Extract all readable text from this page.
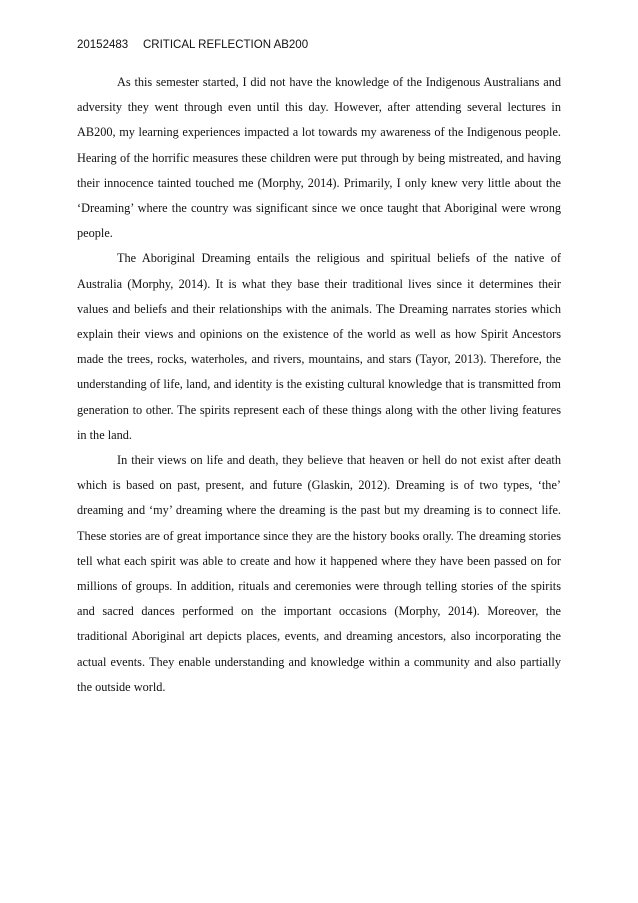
20152483 CRITICAL REFLECTION AB200

As this semester started, I did not have the knowledge of the Indigenous Australians and adversity they went through even until this day. However, after attending several lectures in AB200, my learning experiences impacted a lot towards my awareness of the Indigenous people. Hearing of the horrific measures these children were put through by being mistreated, and having their innocence tainted touched me (Morphy, 2014). Primarily, I only knew very little about the ‘Dreaming’ where the country was significant since we once taught that Aboriginal were wrong people.

The Aboriginal Dreaming entails the religious and spiritual beliefs of the native of Australia (Morphy, 2014). It is what they base their traditional lives since it determines their values and beliefs and their relationships with the animals. The Dreaming narrates stories which explain their views and opinions on the existence of the world as well as how Spirit Ancestors made the trees, rocks, waterholes, and rivers, mountains, and stars (Tayor, 2013). Therefore, the understanding of life, land, and identity is the existing cultural knowledge that is transmitted from generation to other. The spirits represent each of these things along with the other living features in the land.

In their views on life and death, they believe that heaven or hell do not exist after death which is based on past, present, and future (Glaskin, 2012). Dreaming is of two types, ‘the’ dreaming and ‘my’ dreaming where the dreaming is the past but my dreaming is to connect life. These stories are of great importance since they are the history books orally. The dreaming stories tell what each spirit was able to create and how it happened where they have been passed on for millions of groups. In addition, rituals and ceremonies were through telling stories of the spirits and sacred dances performed on the important occasions (Morphy, 2014). Moreover, the traditional Aboriginal art depicts places, events, and dreaming ancestors, also incorporating the actual events. They enable understanding and knowledge within a community and also partially the outside world.
